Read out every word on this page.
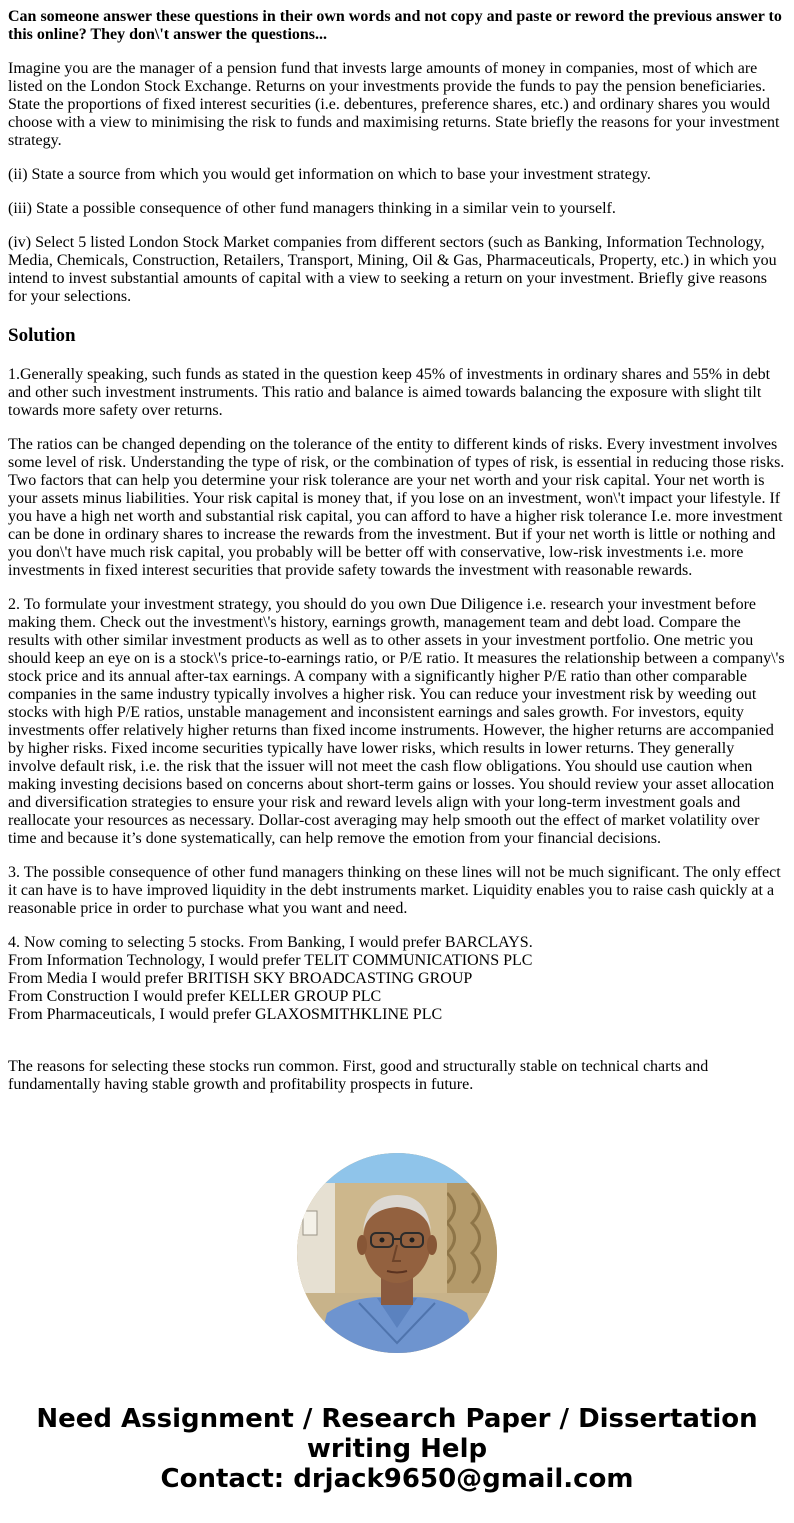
Can someone answer these questions in their own words and not copy and paste or reword the previous answer to this online? They don\'t answer the questions...

Imagine you are the manager of a pension fund that invests large amounts of money in companies, most of which are listed on the London Stock Exchange. Returns on your investments provide the funds to pay the pension beneficiaries. State the proportions of fixed interest securities (i.e. debentures, preference shares, etc.) and ordinary shares you would choose with a view to minimising the risk to funds and maximising returns. State briefly the reasons for your investment strategy.

(ii) State a source from which you would get information on which to base your investment strategy.

(iii) State a possible consequence of other fund managers thinking in a similar vein to yourself.

(iv) Select 5 listed London Stock Market companies from different sectors (such as Banking, Information Technology, Media, Chemicals, Construction, Retailers, Transport, Mining, Oil & Gas, Pharmaceuticals, Property, etc.) in which you intend to invest substantial amounts of capital with a view to seeking a return on your investment. Briefly give reasons for your selections.

Solution

1.Generally speaking, such funds as stated in the question keep 45% of investments in ordinary shares and 55% in debt and other such investment instruments. This ratio and balance is aimed towards balancing the exposure with slight tilt towards more safety over returns.

The ratios can be changed depending on the tolerance of the entity to different kinds of risks. Every investment involves some level of risk. Understanding the type of risk, or the combination of types of risk, is essential in reducing those risks. Two factors that can help you determine your risk tolerance are your net worth and your risk capital. Your net worth is your assets minus liabilities. Your risk capital is money that, if you lose on an investment, won\'t impact your lifestyle. If you have a high net worth and substantial risk capital, you can afford to have a higher risk tolerance I.e. more investment can be done in ordinary shares to increase the rewards from the investment. But if your net worth is little or nothing and you don\'t have much risk capital, you probably will be better off with conservative, low-risk investments i.e. more investments in fixed interest securities that provide safety towards the investment with reasonable rewards.

2. To formulate your investment strategy, you should do you own Due Diligence i.e. research your investment before making them. Check out the investment\'s history, earnings growth, management team and debt load. Compare the results with other similar investment products as well as to other assets in your investment portfolio. One metric you should keep an eye on is a stock\'s price-to-earnings ratio, or P/E ratio. It measures the relationship between a company\'s stock price and its annual after-tax earnings. A company with a significantly higher P/E ratio than other comparable companies in the same industry typically involves a higher risk. You can reduce your investment risk by weeding out stocks with high P/E ratios, unstable management and inconsistent earnings and sales growth. For investors, equity investments offer relatively higher returns than fixed income instruments. However, the higher returns are accompanied by higher risks. Fixed income securities typically have lower risks, which results in lower returns. They generally involve default risk, i.e. the risk that the issuer will not meet the cash flow obligations. You should use caution when making investing decisions based on concerns about short-term gains or losses. You should review your asset allocation and diversification strategies to ensure your risk and reward levels align with your long-term investment goals and reallocate your resources as necessary. Dollar-cost averaging may help smooth out the effect of market volatility over time and because it’s done systematically, can help remove the emotion from your financial decisions.

3. The possible consequence of other fund managers thinking on these lines will not be much significant. The only effect it can have is to have improved liquidity in the debt instruments market. Liquidity enables you to raise cash quickly at a reasonable price in order to purchase what you want and need.

4. Now coming to selecting 5 stocks. From Banking, I would prefer BARCLAYS.
From Information Technology, I would prefer TELIT COMMUNICATIONS PLC
From Media I would prefer BRITISH SKY BROADCASTING GROUP
From Construction I would prefer KELLER GROUP PLC
From Pharmaceuticals, I would prefer GLAXOSMITHKLINE PLC

The reasons for selecting these stocks run common. First, good and structurally stable on technical charts and fundamentally having stable growth and profitability prospects in future.

Need Assignment / Research Paper / Dissertation
writing Help
Contact: drjack9650@gmail.com
